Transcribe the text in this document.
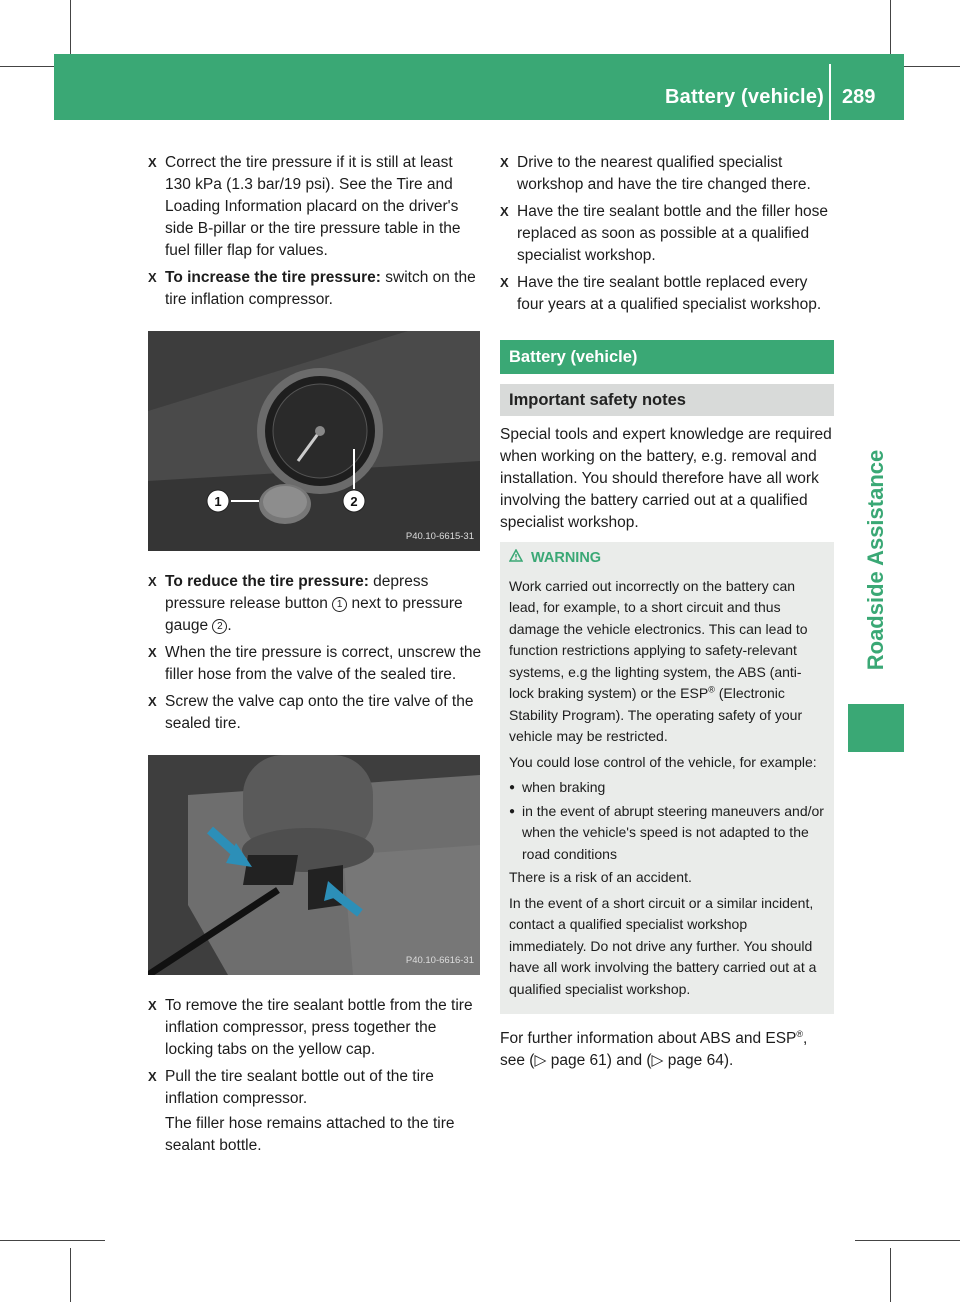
Battery (vehicle) 289
Roadside Assistance
X Correct the tire pressure if it is still at least 130 kPa (1.3 bar/19 psi). See the Tire and Loading Information placard on the driver's side B-pillar or the tire pressure table in the fuel filler flap for values.
X To increase the tire pressure: switch on the tire inflation compressor.
1	2
P40.10-6615-31
X To reduce the tire pressure: depress pressure release button 1 next to pressure gauge 2 .
X When the tire pressure is correct, unscrew the filler hose from the valve of the sealed tire.
X Screw the valve cap onto the tire valve of the sealed tire.
P40.10-6616-31
X To remove the tire sealant bottle from the tire inflation compressor, press together the locking tabs on the yellow cap.
X Pull the tire sealant bottle out of the tire inflation compressor.
The filler hose remains attached to the tire sealant bottle.
X Drive to the nearest qualified specialist workshop and have the tire changed there.
X Have the tire sealant bottle and the filler hose replaced as soon as possible at a qualified specialist workshop.
X Have the tire sealant bottle replaced every four years at a qualified specialist workshop.
Battery (vehicle)
Important safety notes
Special tools and expert knowledge are required when working on the battery, e.g. removal and installation. You should therefore have all work involving the battery carried out at a qualified specialist workshop.
WARNING

Work carried out incorrectly on the battery can lead, for example, to a short circuit and thus damage the vehicle electronics. This can lead to function restrictions applying to safety-relevant systems, e.g the lighting system, the ABS (anti-lock braking system) or the ESP® (Electronic Stability Program). The operating safety of your vehicle may be restricted.

You could lose control of the vehicle, for example:

● when braking
● in the event of abrupt steering maneuvers and/or when the vehicle's speed is not adapted to the road conditions

There is a risk of an accident.

In the event of a short circuit or a similar incident, contact a qualified specialist workshop immediately. Do not drive any further. You should have all work involving the battery carried out at a qualified specialist workshop.

For further information about ABS and ESP®, see (▷ page 61) and (▷ page 64).
